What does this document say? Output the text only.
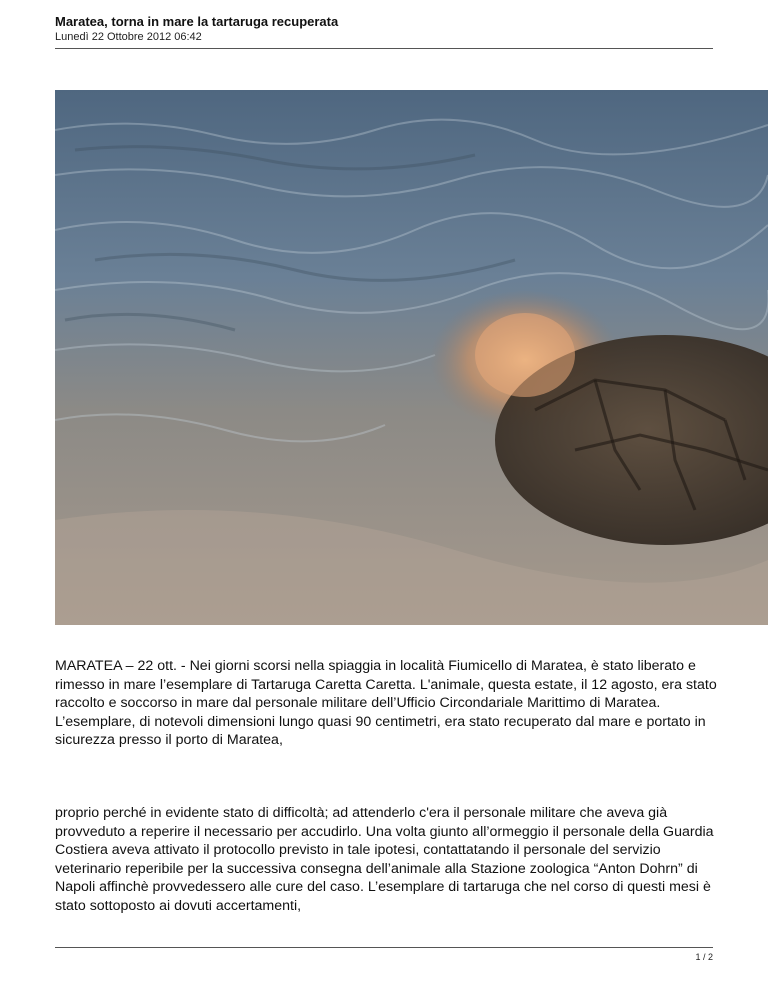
Maratea, torna in mare la tartaruga recuperata
Lunedì 22 Ottobre 2012 06:42
MARATEA – 22 ott. - Nei giorni scorsi nella spiaggia in località Fiumicello di Maratea, è stato liberato e rimesso in mare l’esemplare di Tartaruga Caretta Caretta. L'animale, questa estate, il 12 agosto, era stato raccolto e soccorso in mare dal personale militare dell’Ufficio Circondariale Marittimo di Maratea. L’esemplare, di notevoli dimensioni lungo quasi 90 centimetri, era stato recuperato dal mare e portato in sicurezza presso il porto di Maratea,
proprio perché in evidente stato di difficoltà; ad attenderlo c'era il personale militare che aveva già provveduto a reperire il necessario per accudirlo. Una volta giunto all’ormeggio il personale della Guardia Costiera aveva attivato il protocollo previsto in tale ipotesi, contattatando il personale del servizio veterinario reperibile per la successiva consegna dell’animale alla Stazione zoologica “Anton Dohrn” di Napoli affinchè provvedessero alle cure del caso. L’esemplare di tartaruga che nel corso di questi mesi è stato sottoposto ai dovuti accertamenti,
1 / 2
